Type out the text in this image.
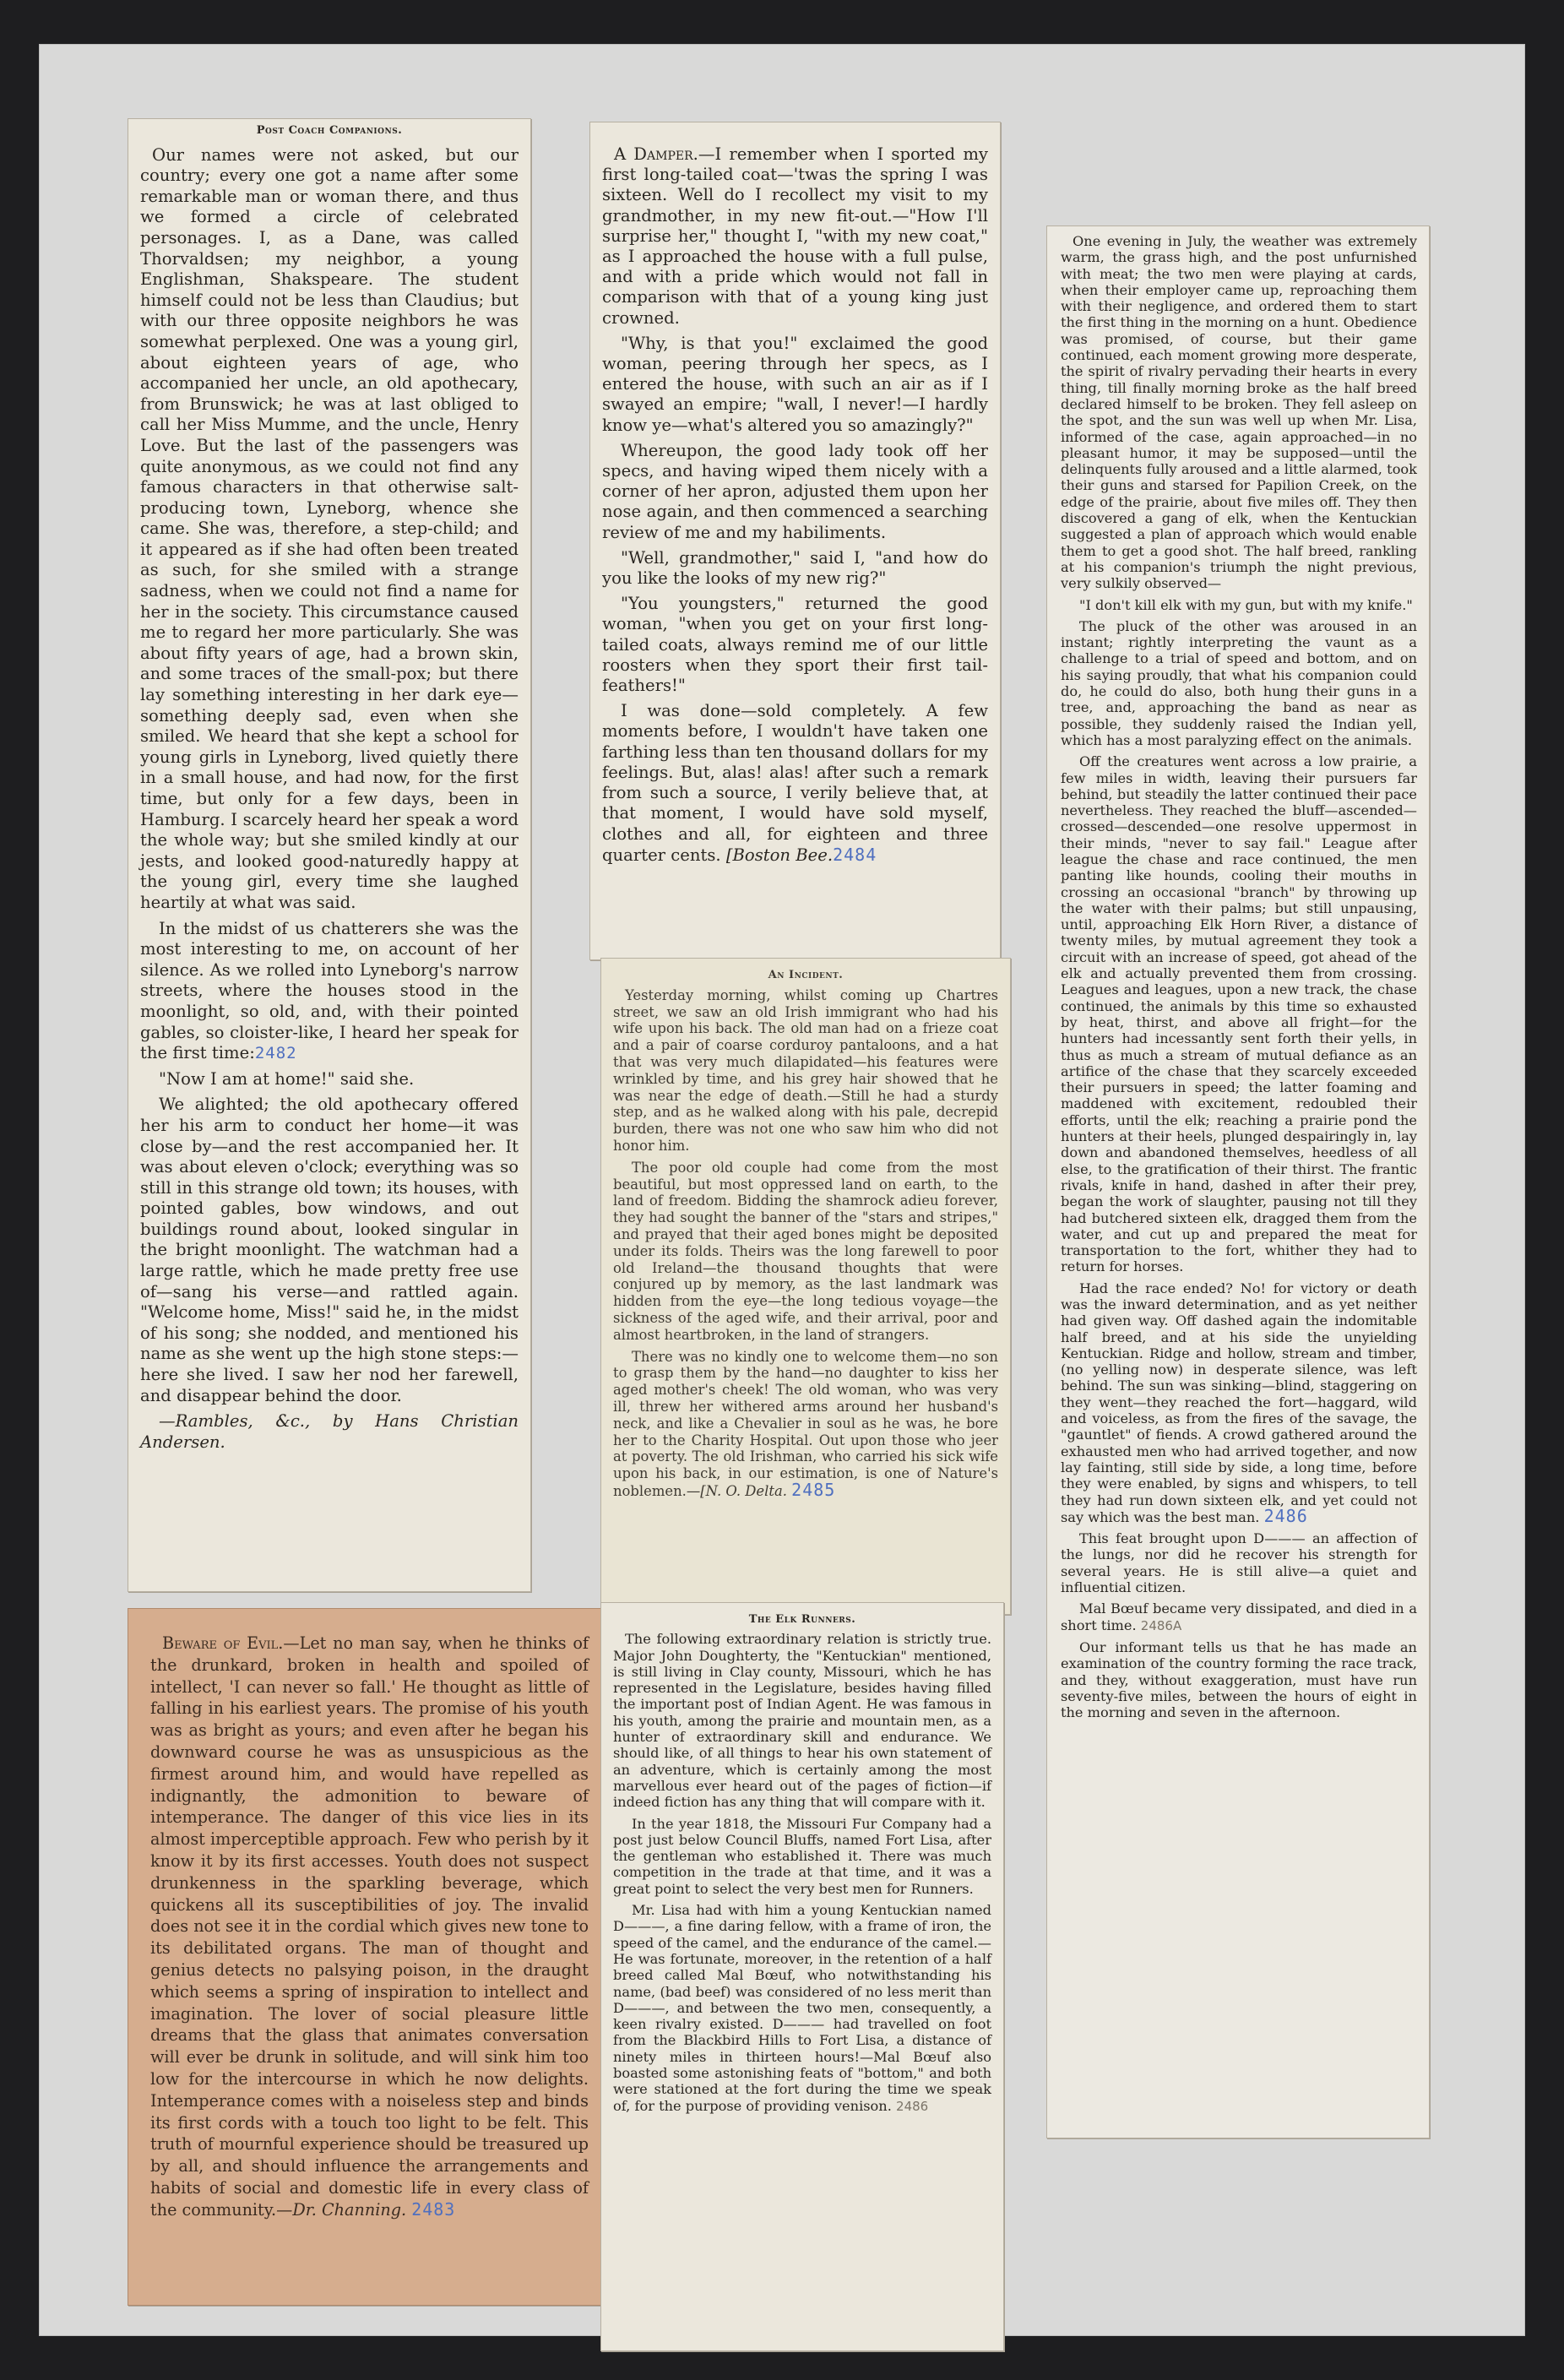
Post Coach Companions.

Our names were not asked, but our country; every one got a name after some remarkable man or woman there, and thus we formed a circle of celebrated personages. I, as a Dane, was called Thorvaldsen; my neighbor, a young Englishman, Shakspeare. The student himself could not be less than Claudius; but with our three opposite neighbors he was somewhat perplexed. One was a young girl, about eighteen years of age, who accompanied her uncle, an old apothecary, from Brunswick; he was at last obliged to call her Miss Mumme, and the uncle, Henry Love. But the last of the passengers was quite anonymous, as we could not find any famous characters in that otherwise salt-producing town, Lyneborg, whence she came. She was, therefore, a step-child; and it appeared as if she had often been treated as such, for she smiled with a strange sadness, when we could not find a name for her in the society. This circumstance caused me to regard her more particularly. She was about fifty years of age, had a brown skin, and some traces of the small-pox; but there lay something interesting in her dark eye—something deeply sad, even when she smiled. We heard that she kept a school for young girls in Lyneborg, lived quietly there in a small house, and had now, for the first time, but only for a few days, been in Hamburg. I scarcely heard her speak a word the whole way; but she smiled kindly at our jests, and looked good-naturedly happy at the young girl, every time she laughed heartily at what was said.

In the midst of us chatterers she was the most interesting to me, on account of her silence. As we rolled into Lyneborg's narrow streets, where the houses stood in the moonlight, so old, and, with their pointed gables, so cloister-like, I heard her speak for the first time:2482

"Now I am at home!" said she.

We alighted; the old apothecary offered her his arm to conduct her home—it was close by—and the rest accompanied her. It was about eleven o'clock; everything was so still in this strange old town; its houses, with pointed gables, bow windows, and out buildings round about, looked singular in the bright moonlight. The watchman had a large rattle, which he made pretty free use of—sang his verse—and rattled again. "Welcome home, Miss!" said he, in the midst of his song; she nodded, and mentioned his name as she went up the high stone steps:—here she lived. I saw her nod her farewell, and disappear behind the door.

—Rambles, &c., by Hans Christian Andersen.

Beware of Evil.—Let no man say, when he thinks of the drunkard, broken in health and spoiled of intellect, 'I can never so fall.' He thought as little of falling in his earliest years. The promise of his youth was as bright as yours; and even after he began his downward course he was as unsuspicious as the firmest around him, and would have repelled as indignantly, the admonition to beware of intemperance. The danger of this vice lies in its almost imperceptible approach. Few who perish by it know it by its first accesses. Youth does not suspect drunkenness in the sparkling beverage, which quickens all its susceptibilities of joy. The invalid does not see it in the cordial which gives new tone to its debilitated organs. The man of thought and genius detects no palsying poison, in the draught which seems a spring of inspiration to intellect and imagination. The lover of social pleasure little dreams that the glass that animates conversation will ever be drunk in solitude, and will sink him too low for the intercourse in which he now delights. Intemperance comes with a noiseless step and binds its first cords with a touch too light to be felt. This truth of mournful experience should be treasured up by all, and should influence the arrangements and habits of social and domestic life in every class of the community.—Dr. Channing. 2483

A Damper.—I remember when I sported my first long-tailed coat—'twas the spring I was sixteen. Well do I recollect my visit to my grandmother, in my new fit-out.—"How I'll surprise her," thought I, "with my new coat," as I approached the house with a full pulse, and with a pride which would not fall in comparison with that of a young king just crowned.

"Why, is that you!" exclaimed the good woman, peering through her specs, as I entered the house, with such an air as if I swayed an empire; "wall, I never!—I hardly know ye—what's altered you so amazingly?"

Whereupon, the good lady took off her specs, and having wiped them nicely with a corner of her apron, adjusted them upon her nose again, and then commenced a searching review of me and my habiliments.

"Well, grandmother," said I, "and how do you like the looks of my new rig?"

"You youngsters," returned the good woman, "when you get on your first long-tailed coats, always remind me of our little roosters when they sport their first tail-feathers!"

I was done—sold completely. A few moments before, I wouldn't have taken one farthing less than ten thousand dollars for my feelings. But, alas! alas! after such a remark from such a source, I verily believe that, at that moment, I would have sold myself, clothes and all, for eighteen and three quarter cents. [Boston Bee.2484

An Incident.

Yesterday morning, whilst coming up Chartres street, we saw an old Irish immigrant who had his wife upon his back. The old man had on a frieze coat and a pair of coarse corduroy pantaloons, and a hat that was very much dilapidated—his features were wrinkled by time, and his grey hair showed that he was near the edge of death.—Still he had a sturdy step, and as he walked along with his pale, decrepid burden, there was not one who saw him who did not honor him.

The poor old couple had come from the most beautiful, but most oppressed land on earth, to the land of freedom. Bidding the shamrock adieu forever, they had sought the banner of the "stars and stripes," and prayed that their aged bones might be deposited under its folds. Theirs was the long farewell to poor old Ireland—the thousand thoughts that were conjured up by memory, as the last landmark was hidden from the eye—the long tedious voyage—the sickness of the aged wife, and their arrival, poor and almost heartbroken, in the land of strangers.

There was no kindly one to welcome them—no son to grasp them by the hand—no daughter to kiss her aged mother's cheek! The old woman, who was very ill, threw her withered arms around her husband's neck, and like a Chevalier in soul as he was, he bore her to the Charity Hospital. Out upon those who jeer at poverty. The old Irishman, who carried his sick wife upon his back, in our estimation, is one of Nature's noblemen.—[N. O. Delta. 2485

The Elk Runners.

The following extraordinary relation is strictly true. Major John Doughterty, the "Kentuckian" mentioned, is still living in Clay county, Missouri, which he has represented in the Legislature, besides having filled the important post of Indian Agent. He was famous in his youth, among the prairie and mountain men, as a hunter of extraordinary skill and endurance. We should like, of all things to hear his own statement of an adventure, which is certainly among the most marvellous ever heard out of the pages of fiction—if indeed fiction has any thing that will compare with it.

In the year 1818, the Missouri Fur Company had a post just below Council Bluffs, named Fort Lisa, after the gentleman who established it. There was much competition in the trade at that time, and it was a great point to select the very best men for Runners.

Mr. Lisa had with him a young Kentuckian named D———, a fine daring fellow, with a frame of iron, the speed of the camel, and the endurance of the camel.—He was fortunate, moreover, in the retention of a half breed called Mal Bœuf, who notwithstanding his name, (bad beef) was considered of no less merit than D———, and between the two men, consequently, a keen rivalry existed. D——— had travelled on foot from the Blackbird Hills to Fort Lisa, a distance of ninety miles in thirteen hours!—Mal Bœuf also boasted some astonishing feats of "bottom," and both were stationed at the fort during the time we speak of, for the purpose of providing venison. 2486

One evening in July, the weather was extremely warm, the grass high, and the post unfurnished with meat; the two men were playing at cards, when their employer came up, reproaching them with their negligence, and ordered them to start the first thing in the morning on a hunt. Obedience was promised, of course, but their game continued, each moment growing more desperate, the spirit of rivalry pervading their hearts in every thing, till finally morning broke as the half breed declared himself to be broken. They fell asleep on the spot, and the sun was well up when Mr. Lisa, informed of the case, again approached—in no pleasant humor, it may be supposed—until the delinquents fully aroused and a little alarmed, took their guns and starsed for Papilion Creek, on the edge of the prairie, about five miles off. They then discovered a gang of elk, when the Kentuckian suggested a plan of approach which would enable them to get a good shot. The half breed, rankling at his companion's triumph the night previous, very sulkily observed—

"I don't kill elk with my gun, but with my knife."

The pluck of the other was aroused in an instant; rightly interpreting the vaunt as a challenge to a trial of speed and bottom, and on his saying proudly, that what his companion could do, he could do also, both hung their guns in a tree, and, approaching the band as near as possible, they suddenly raised the Indian yell, which has a most paralyzing effect on the animals.

Off the creatures went across a low prairie, a few miles in width, leaving their pursuers far behind, but steadily the latter continued their pace nevertheless. They reached the bluff—ascended—crossed—descended—one resolve uppermost in their minds, "never to say fail." League after league the chase and race continued, the men panting like hounds, cooling their mouths in crossing an occasional "branch" by throwing up the water with their palms; but still unpausing, until, approaching Elk Horn River, a distance of twenty miles, by mutual agreement they took a circuit with an increase of speed, got ahead of the elk and actually prevented them from crossing. Leagues and leagues, upon a new track, the chase continued, the animals by this time so exhausted by heat, thirst, and above all fright—for the hunters had incessantly sent forth their yells, in thus as much a stream of mutual defiance as an artifice of the chase that they scarcely exceeded their pursuers in speed; the latter foaming and maddened with excitement, redoubled their efforts, until the elk; reaching a prairie pond the hunters at their heels, plunged despairingly in, lay down and abandoned themselves, heedless of all else, to the gratification of their thirst. The frantic rivals, knife in hand, dashed in after their prey, began the work of slaughter, pausing not till they had butchered sixteen elk, dragged them from the water, and cut up and prepared the meat for transportation to the fort, whither they had to return for horses.

Had the race ended? No! for victory or death was the inward determination, and as yet neither had given way. Off dashed again the indomitable half breed, and at his side the unyielding Kentuckian. Ridge and hollow, stream and timber, (no yelling now) in desperate silence, was left behind. The sun was sinking—blind, staggering on they went—they reached the fort—haggard, wild and voiceless, as from the fires of the savage, the "gauntlet" of fiends. A crowd gathered around the exhausted men who had arrived together, and now lay fainting, still side by side, a long time, before they were enabled, by signs and whispers, to tell they had run down sixteen elk, and yet could not say which was the best man. 2486

This feat brought upon D——— an affection of the lungs, nor did he recover his strength for several years. He is still alive—a quiet and influential citizen.

Mal Bœuf became very dissipated, and died in a short time. 2486A

Our informant tells us that he has made an examination of the country forming the race track, and they, without exaggeration, must have run seventy-five miles, between the hours of eight in the morning and seven in the afternoon.
